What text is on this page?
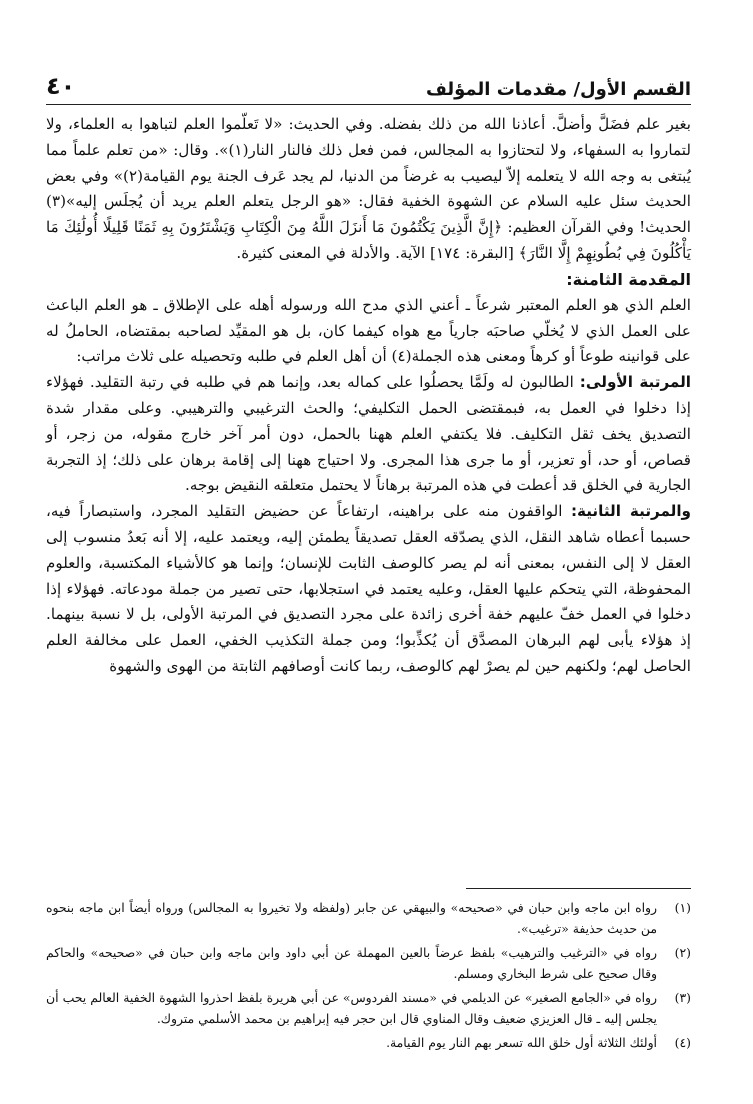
القسم الأول/ مقدمات المؤلف
٤٠

بغير علم فضَلَّ وأضلَّ. أعاذنا الله من ذلك بفضله. وفي الحديث: «لا تَعلّموا العلم لتباهوا به العلماء، ولا لتماروا به السفهاء، ولا لتحتازوا به المجالس، فمن فعل ذلك فالنار النار(١)». وقال: «من تعلم علماً مما يُبتغى به وجه الله لا يتعلمه إلاّ ليصيب به غرضاً من الدنيا، لم يجد عَرف الجنة يوم القيامة(٢)» وفي بعض الحديث سئل عليه السلام عن الشهوة الخفية فقال: «هو الرجل يتعلم العلم يريد أن يُجلَس إليه»(٣) الحديث! وفي القرآن العظيم: ﴿إِنَّ الَّذِينَ يَكْتُمُونَ مَا أَنزَلَ اللَّهُ مِنَ الْكِتَابِ وَيَشْتَرُونَ بِهِ ثَمَنًا قَلِيلًا أُولَٰئِكَ مَا يَأْكُلُونَ فِي بُطُونِهِمْ إِلَّا النَّارَ﴾ [البقرة: ١٧٤] الآية. والأدلة في المعنى كثيرة.

المقدمة الثامنة:

العلم الذي هو العلم المعتبر شرعاً ـ أعني الذي مدح الله ورسوله أهله على الإطلاق ـ هو العلم الباعث على العمل الذي لا يُخلّي صاحبَه جارياً مع هواه كيفما كان، بل هو المقيِّد لصاحبه بمقتضاه، الحاملُ له على قوانينه طوعاً أو كرهاً ومعنى هذه الجملة(٤) أن أهل العلم في طلبه وتحصيله على ثلاث مراتب:

المرتبة الأولى: الطالبون له ولَمَّا يحصلُوا على كماله بعد، وإنما هم في طلبه في رتبة التقليد. فهؤلاء إذا دخلوا في العمل به، فبمقتضى الحمل التكليفي؛ والحث الترغيبي والترهيبي. وعلى مقدار شدة التصديق يخف ثقل التكليف. فلا يكتفي العلم ههنا بالحمل، دون أمر آخر خارج مقوله، من زجر، أو قصاص، أو حد، أو تعزير، أو ما جرى هذا المجرى. ولا احتياج ههنا إلى إقامة برهان على ذلك؛ إذ التجربة الجارية في الخلق قد أعطت في هذه المرتبة برهاناً لا يحتمل متعلقه النقيض بوجه.

والمرتبة الثانية: الواقفون منه على براهينه، ارتفاعاً عن حضيض التقليد المجرد، واستبصاراً فيه، حسبما أعطاه شاهد النقل، الذي يصدّقه العقل تصديقاً يطمئن إليه، ويعتمد عليه، إلا أنه بَعدُ منسوب إلى العقل لا إلى النفس، بمعنى أنه لم يصر كالوصف الثابت للإنسان؛ وإنما هو كالأشياء المكتسبة، والعلوم المحفوظة، التي يتحكم عليها العقل، وعليه يعتمد في استجلابها، حتى تصير من جملة مودعاته. فهؤلاء إذا دخلوا في العمل خفّ عليهم خفة أخرى زائدة على مجرد التصديق في المرتبة الأولى، بل لا نسبة بينهما. إذ هؤلاء يأبى لهم البرهان المصدَّق أن يُكذِّبوا؛ ومن جملة التكذيب الخفي، العمل على مخالفة العلم الحاصل لهم؛ ولكنهم حين لم يصرْ لهم كالوصف، ربما كانت أوصافهم الثابتة من الهوى والشهوة

(١)
رواه ابن ماجه وابن حبان في «صحيحه» والبيهقي عن جابر (ولفظه ولا تخيروا به المجالس) ورواه أيضاً ابن ماجه بنحوه من حديث حذيفة «ترغيب».
(٢)
رواه في «الترغيب والترهيب» بلفظ عرضاً بالعين المهملة عن أبي داود وابن ماجه وابن حبان في «صحيحه» والحاكم وقال صحيح على شرط البخاري ومسلم.
(٣)
رواه في «الجامع الصغير» عن الديلمي في «مسند الفردوس» عن أبي هريرة بلفظ احذروا الشهوة الخفية العالم يحب أن يجلس إليه ـ قال العزيزي ضعيف وقال المناوي قال ابن حجر فيه إبراهيم بن محمد الأسلمي متروك.
(٤)
أولئك الثلاثة أول خلق الله تسعر بهم النار يوم القيامة.
